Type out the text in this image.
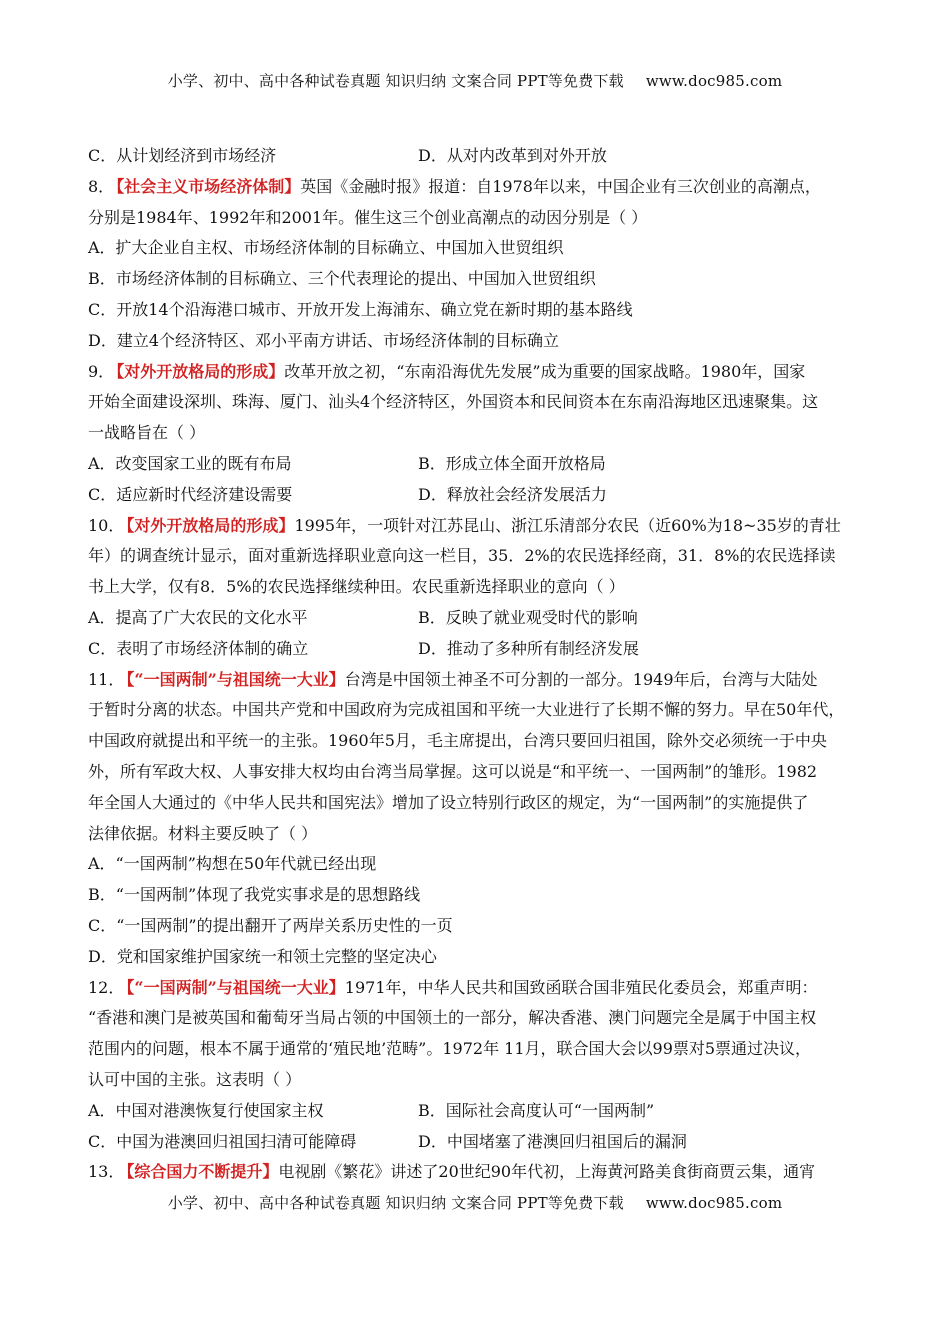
小学、初中、高中各种试卷真题 知识归纳 文案合同 PPT等免费下载 www.doc985.com
C．从计划经济到市场经济	D．从对内改革到对外开放
8． 【社会主义市场经济体制】英国《金融时报》报道：自1978年以来，中国企业有三次创业的高潮点，
分别是1984年、1992年和2001年。催生这三个创业高潮点的动因分别是（ ）
A．扩大企业自主权、市场经济体制的目标确立、中国加入世贸组织
B．市场经济体制的目标确立、三个代表理论的提出、中国加入世贸组织
C．开放14个沿海港口城市、开放开发上海浦东、确立党在新时期的基本路线
D．建立4个经济特区、邓小平南方讲话、市场经济体制的目标确立
9． 【对外开放格局的形成】改革开放之初，“东南沿海优先发展”成为重要的国家战略。1980年，国家
开始全面建设深圳、珠海、厦门、汕头4个经济特区，外国资本和民间资本在东南沿海地区迅速聚集。这
一战略旨在（ ）
A．改变国家工业的既有布局	B．形成立体全面开放格局
C．适应新时代经济建设需要	D．释放社会经济发展活力
10． 【对外开放格局的形成】1995年，一项针对江苏昆山、浙江乐清部分农民（近60%为18~35岁的青壮
年）的调查统计显示，面对重新选择职业意向这一栏目，35．2%的农民选择经商，31．8%的农民选择读
书上大学，仅有8．5%的农民选择继续种田。农民重新选择职业的意向（ ）
A．提高了广大农民的文化水平	B．反映了就业观受时代的影响
C．表明了市场经济体制的确立	D．推动了多种所有制经济发展
11． 【“一国两制”与祖国统一大业】台湾是中国领土神圣不可分割的一部分。1949年后，台湾与大陆处
于暂时分离的状态。中国共产党和中国政府为完成祖国和平统一大业进行了长期不懈的努力。早在50年代，
中国政府就提出和平统一的主张。1960年5月，毛主席提出，台湾只要回归祖国，除外交必须统一于中央
外，所有军政大权、人事安排大权均由台湾当局掌握。这可以说是“和平统一、一国两制”的雏形。1982
年全国人大通过的《中华人民共和国宪法》增加了设立特别行政区的规定，为“一国两制”的实施提供了
法律依据。材料主要反映了（ ）
A．“一国两制”构想在50年代就已经出现
B．“一国两制”体现了我党实事求是的思想路线
C．“一国两制”的提出翻开了两岸关系历史性的一页
D．党和国家维护国家统一和领土完整的坚定决心
12． 【“一国两制”与祖国统一大业】1971年，中华人民共和国致函联合国非殖民化委员会，郑重声明：
“香港和澳门是被英国和葡萄牙当局占领的中国领土的一部分，解决香港、澳门问题完全是属于中国主权
范围内的问题，根本不属于通常的‘殖民地’范畴”。1972年 11月，联合国大会以99票对5票通过决议，
认可中国的主张。这表明（ ）
A．中国对港澳恢复行使国家主权	B．国际社会高度认可“一国两制”
C．中国为港澳回归祖国扫清可能障碍	D．中国堵塞了港澳回归祖国后的漏洞
13． 【综合国力不断提升】电视剧《繁花》讲述了20世纪90年代初，上海黄河路美食街商贾云集，通宵
小学、初中、高中各种试卷真题 知识归纳 文案合同 PPT等免费下载 www.doc985.com
